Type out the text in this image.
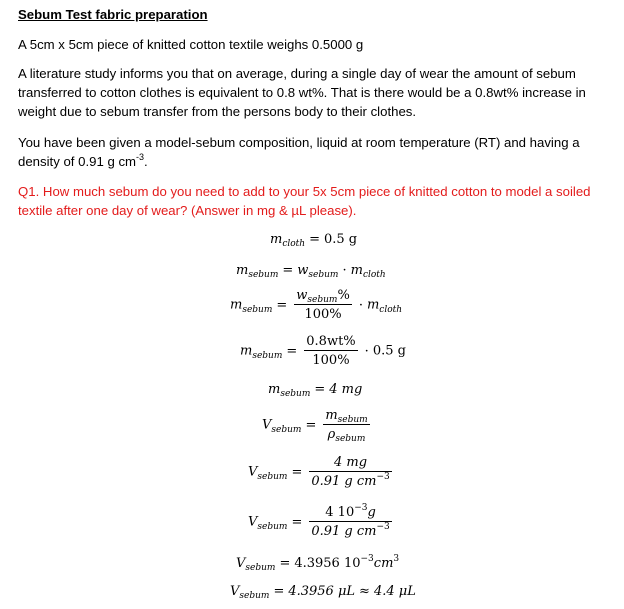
Sebum Test fabric preparation
A 5cm x 5cm piece of knitted cotton textile weighs 0.5000 g
A literature study informs you that on average, during a single day of wear the amount of sebum transferred to cotton clothes is equivalent to 0.8 wt%. That is there would be a 0.8wt% increase in weight due to sebum transfer from the persons body to their clothes.
You have been given a model-sebum composition, liquid at room temperature (RT) and having a density of 0.91 g $cm^{-3}$.
Q1. How much sebum do you need to add to your 5x 5cm piece of knitted cotton to model a soiled textile after one day of wear? (Answer in mg & µL please).
$m_{cloth} = 0.5$ g
$m_{sebum} = w_{sebum} \cdot m_{cloth}$
$m_{sebum} = \frac{w_{sebum}\%}{100\%} \cdot m_{cloth}$
$m_{sebum} = \frac{0.8wt\%}{100\%} \cdot 0.5$ g
$m_{sebum} = 4$ mg
$V_{sebum} = \frac{m_{sebum}}{\rho_{sebum}}$
$V_{sebum} = \frac{4 mg}{0.91 g cm^{-3}}$
$V_{sebum} = \frac{4 10^{-3}g}{0.91 g cm^{-3}}$
$V_{sebum} = 4.3956$ $10^{-3}cm^3$
$V_{sebum} = 4.3956$ μL ≈ 4.4 μL
